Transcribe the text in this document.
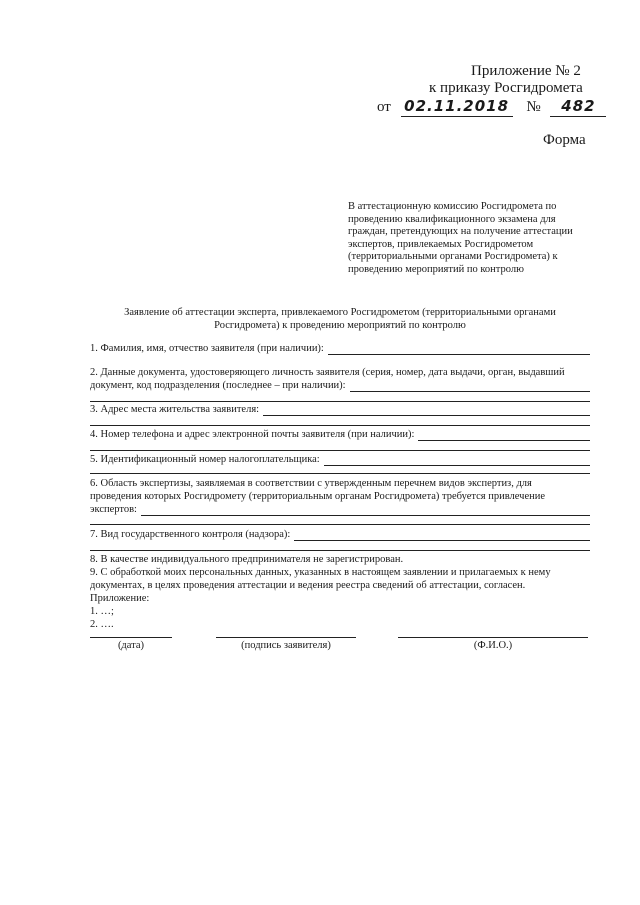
Приложение № 2
к приказу Росгидромета
от 02.11.2018 № 482
Форма
В аттестационную комиссию Росгидромета по
проведению квалификационного экзамена для
граждан, претендующих на получение аттестации
экспертов, привлекаемых Росгидрометом
(территориальными органами Росгидромета) к
проведению мероприятий по контролю
Заявление об аттестации эксперта, привлекаемого Росгидрометом (территориальными органами
Росгидромета) к проведению мероприятий по контролю
1. Фамилия, имя, отчество заявителя (при наличии):
2. Данные документа, удостоверяющего личность заявителя (серия, номер, дата выдачи, орган, выдавший
документ, код подразделения (последнее – при наличии):
3. Адрес места жительства заявителя:
4. Номер телефона и адрес электронной почты заявителя (при наличии):
5. Идентификационный номер налогоплательщика:
6. Область экспертизы, заявляемая в соответствии с утвержденным перечнем видов экспертиз, для
проведения которых Росгидромету (территориальным органам Росгидромета) требуется привлечение
экспертов:
7. Вид государственного контроля (надзора):
8. В качестве индивидуального предпринимателя не зарегистрирован.
9. С обработкой моих персональных данных, указанных в настоящем заявлении и прилагаемых к нему
документах, в целях проведения аттестации и ведения реестра сведений об аттестации, согласен.
Приложение:
1. …;
2. ….
(дата)	(подпись заявителя)	(Ф.И.О.)
